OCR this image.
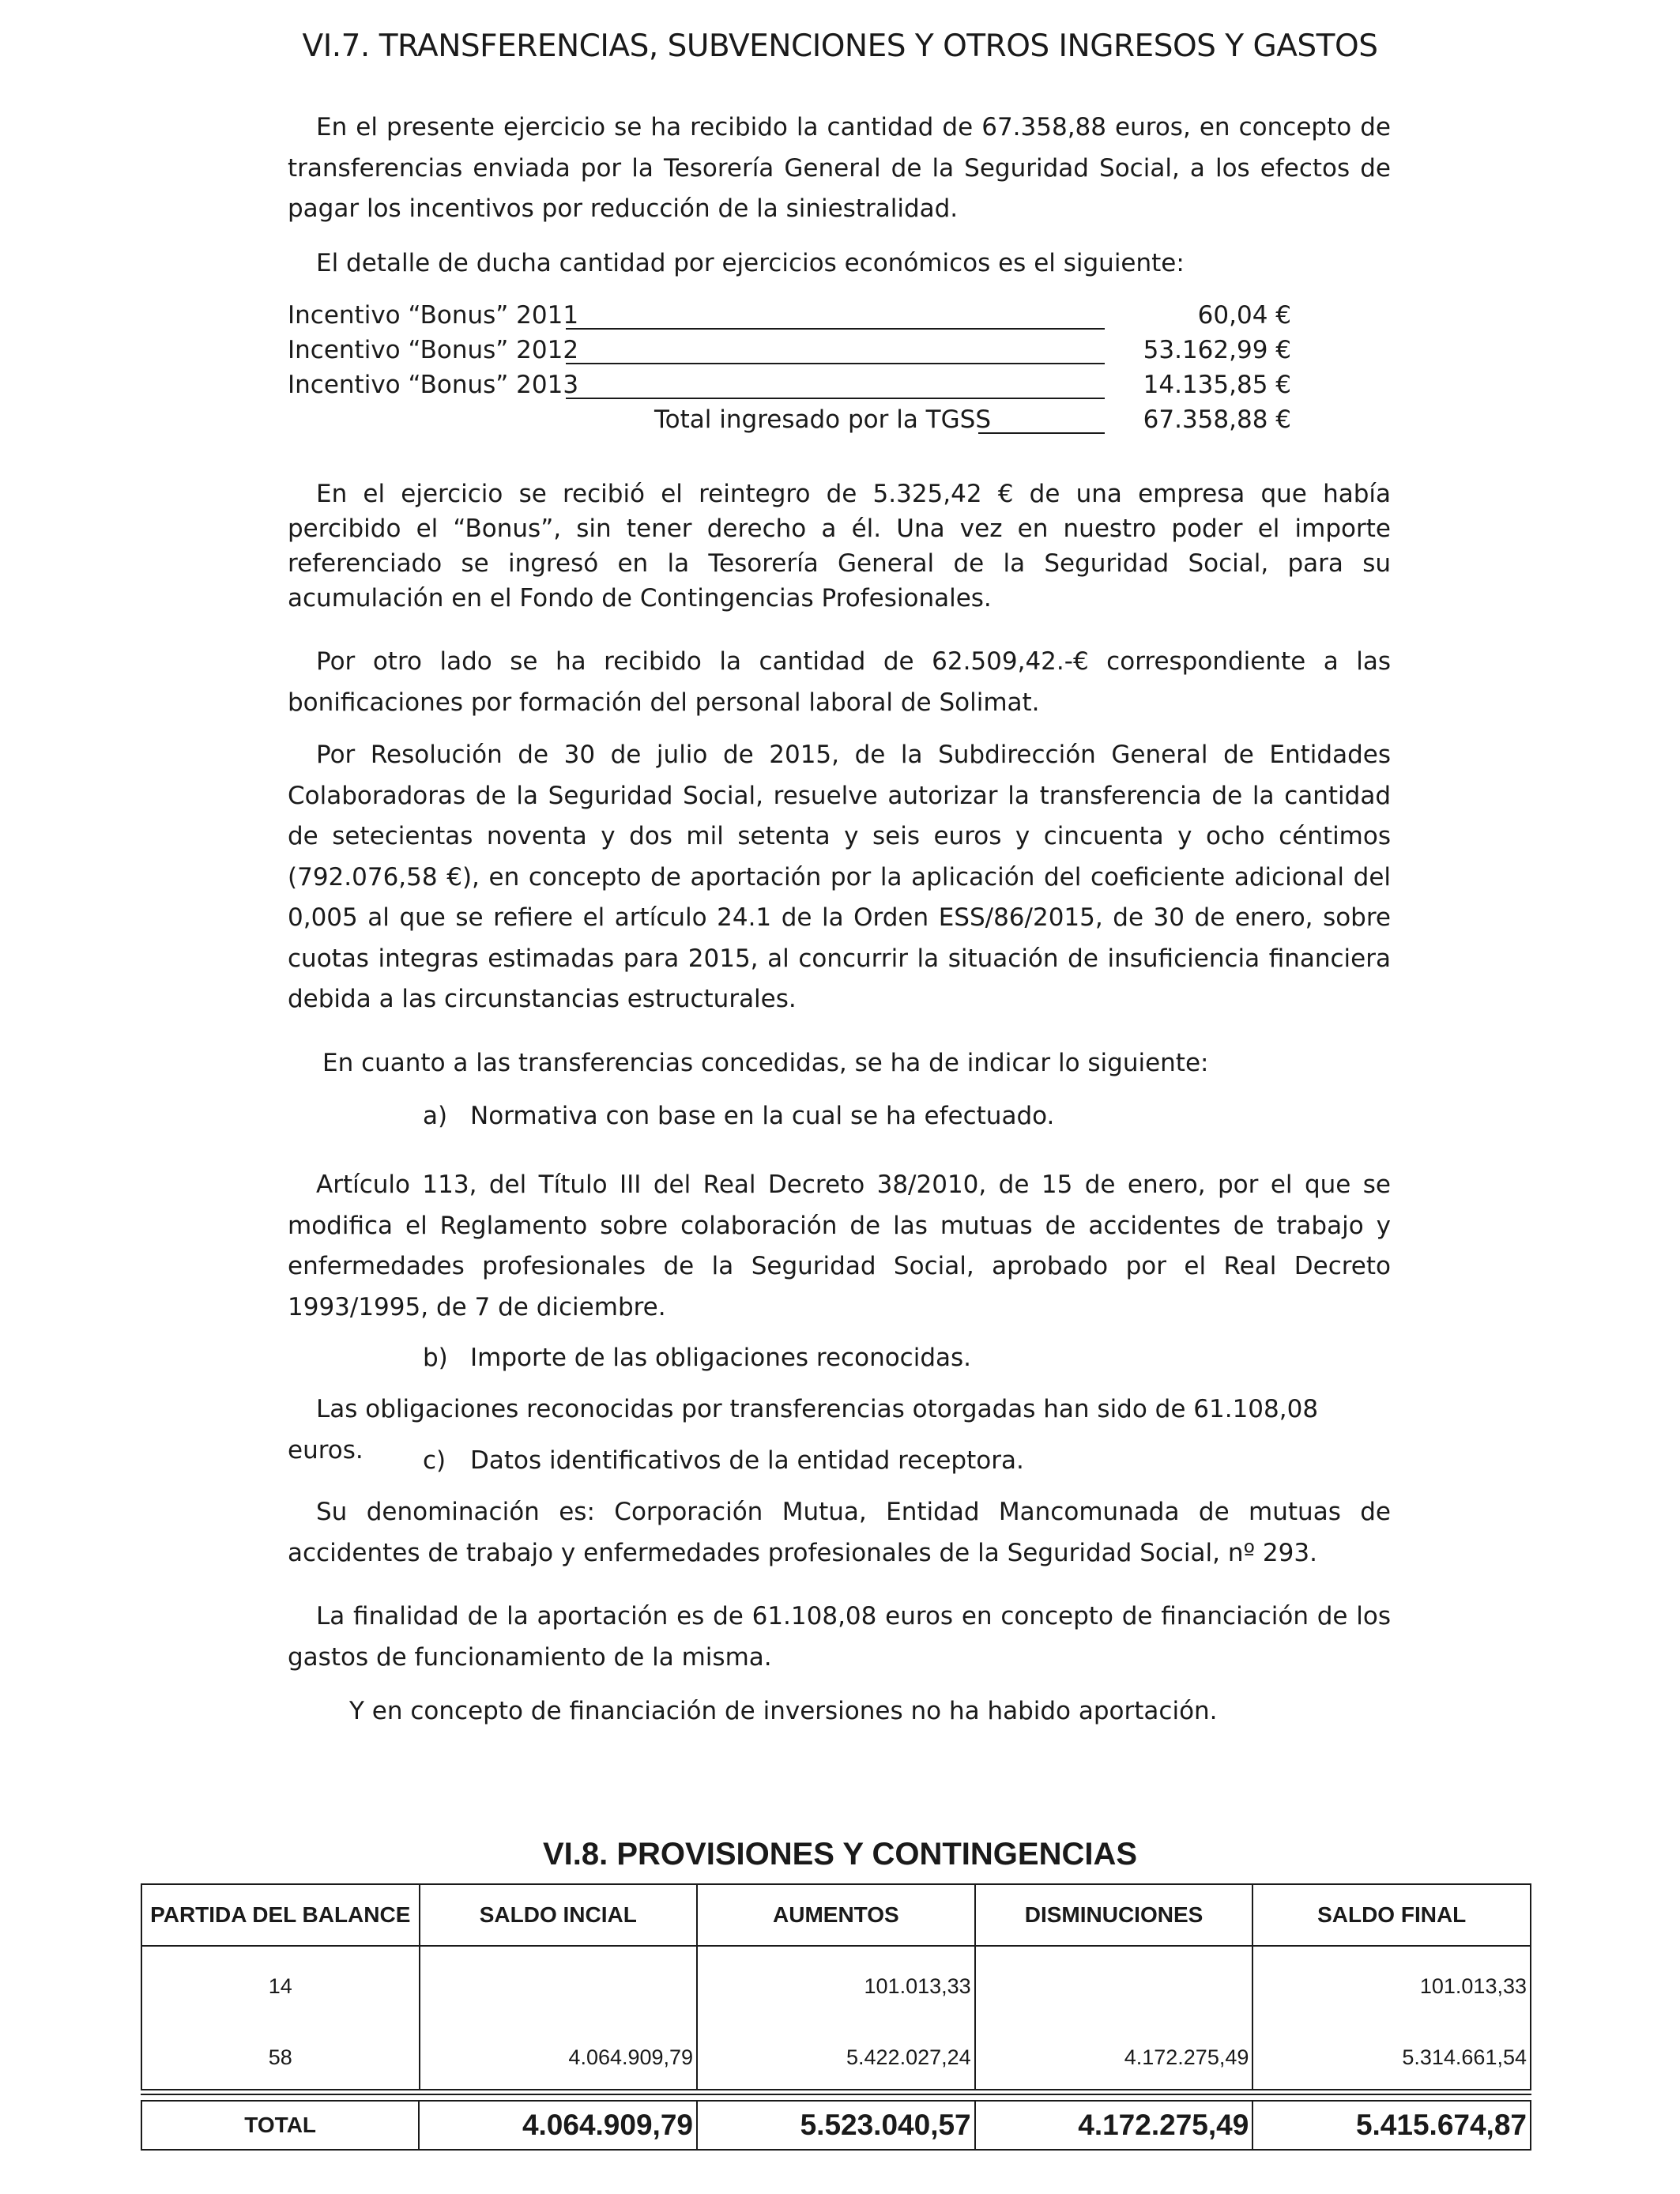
VI.7. TRANSFERENCIAS, SUBVENCIONES Y OTROS INGRESOS Y GASTOS
En el presente ejercicio se ha recibido la cantidad de 67.358,88 euros, en concepto de transferencias enviada por la Tesorería General de la Seguridad Social, a los efectos de pagar los incentivos por reducción de la siniestralidad.
El detalle de ducha cantidad por ejercicios económicos es el siguiente:
Incentivo “Bonus” 2011	60,04 €
Incentivo “Bonus” 2012	53.162,99 €
Incentivo “Bonus” 2013	14.135,85 €
Total ingresado por la TGSS	67.358,88 €
En el ejercicio se recibió el reintegro de 5.325,42 € de una empresa que había percibido el “Bonus”, sin tener derecho a él. Una vez en nuestro poder el importe referenciado se ingresó en la Tesorería General de la Seguridad Social, para su acumulación en el Fondo de Contingencias Profesionales.
Por otro lado se ha recibido la cantidad de 62.509,42.-€ correspondiente a las bonificaciones por formación del personal laboral de Solimat.
Por Resolución de 30 de julio de 2015, de la Subdirección General de Entidades Colaboradoras de la Seguridad Social, resuelve autorizar la transferencia de la cantidad de setecientas noventa y dos mil setenta y seis euros y cincuenta y ocho céntimos (792.076,58 €), en concepto de aportación por la aplicación del coeficiente adicional del 0,005 al que se refiere el artículo 24.1 de la Orden ESS/86/2015, de 30 de enero, sobre cuotas integras estimadas para 2015, al concurrir la situación de insuficiencia financiera debida a las circunstancias estructurales.
En cuanto a las transferencias concedidas, se ha de indicar lo siguiente:
a) Normativa con base en la cual se ha efectuado.
Artículo 113, del Título III del Real Decreto 38/2010, de 15 de enero, por el que se modifica el Reglamento sobre colaboración de las mutuas de accidentes de trabajo y enfermedades profesionales de la Seguridad Social, aprobado por el Real Decreto 1993/1995, de 7 de diciembre.
b) Importe de las obligaciones reconocidas.
Las obligaciones reconocidas por transferencias otorgadas han sido de 61.108,08 euros.	c) Datos identificativos de la entidad receptora.
Su denominación es: Corporación Mutua, Entidad Mancomunada de mutuas de accidentes de trabajo y enfermedades profesionales de la Seguridad Social, nº 293.
La finalidad de la aportación es de 61.108,08 euros en concepto de financiación de los gastos de funcionamiento de la misma.
Y en concepto de financiación de inversiones no ha habido aportación.
VI.8. PROVISIONES Y CONTINGENCIAS
PARTIDA DEL BALANCE	SALDO INCIAL	AUMENTOS	DISMINUCIONES	SALDO FINAL
14		101.013,33		101.013,33
58	4.064.909,79	5.422.027,24	4.172.275,49	5.314.661,54
TOTAL	4.064.909,79	5.523.040,57	4.172.275,49	5.415.674,87
